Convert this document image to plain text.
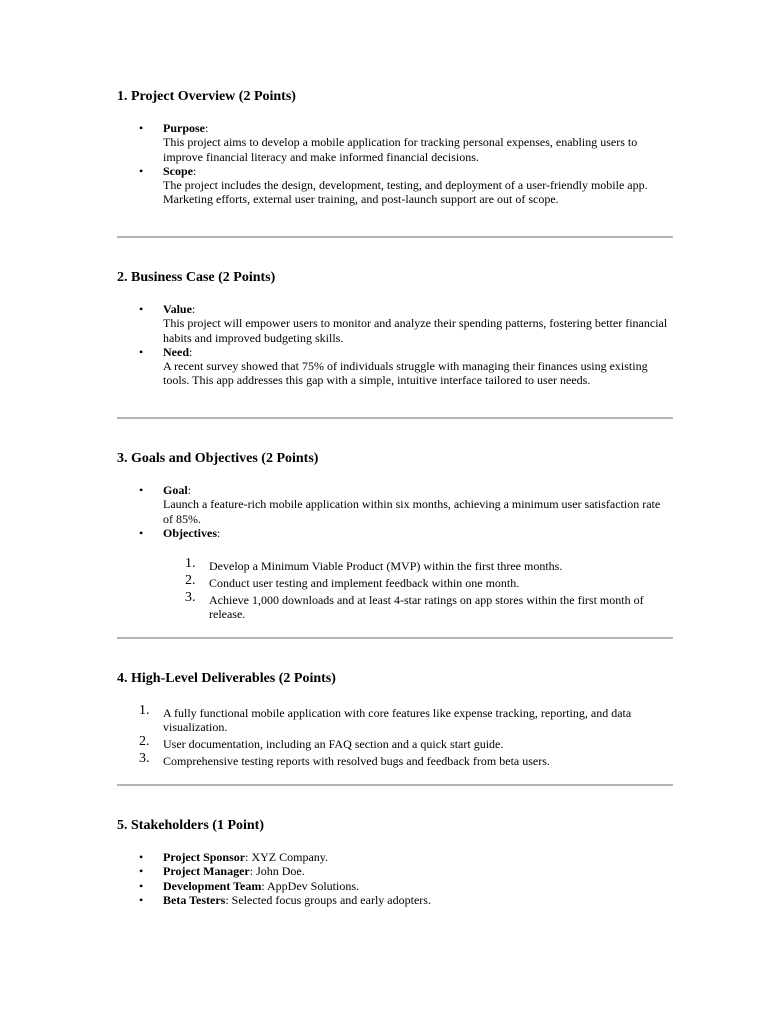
1. Project Overview (2 Points)
• Purpose:
This project aims to develop a mobile application for tracking personal expenses, enabling users to improve financial literacy and make informed financial decisions.
• Scope:
The project includes the design, development, testing, and deployment of a user-friendly mobile app. Marketing efforts, external user training, and post-launch support are out of scope.
2. Business Case (2 Points)
• Value:
This project will empower users to monitor and analyze their spending patterns, fostering better financial habits and improved budgeting skills.
• Need:
A recent survey showed that 75% of individuals struggle with managing their finances using existing tools. This app addresses this gap with a simple, intuitive interface tailored to user needs.
3. Goals and Objectives (2 Points)
• Goal:
Launch a feature-rich mobile application within six months, achieving a minimum user satisfaction rate of 85%.
• Objectives:
1. Develop a Minimum Viable Product (MVP) within the first three months.
2. Conduct user testing and implement feedback within one month.
3. Achieve 1,000 downloads and at least 4-star ratings on app stores within the first month of release.
4. High-Level Deliverables (2 Points)
1. A fully functional mobile application with core features like expense tracking, reporting, and data visualization.
2. User documentation, including an FAQ section and a quick start guide.
3. Comprehensive testing reports with resolved bugs and feedback from beta users.
5. Stakeholders (1 Point)
• Project Sponsor: XYZ Company.
• Project Manager: John Doe.
• Development Team: AppDev Solutions.
• Beta Testers: Selected focus groups and early adopters.
